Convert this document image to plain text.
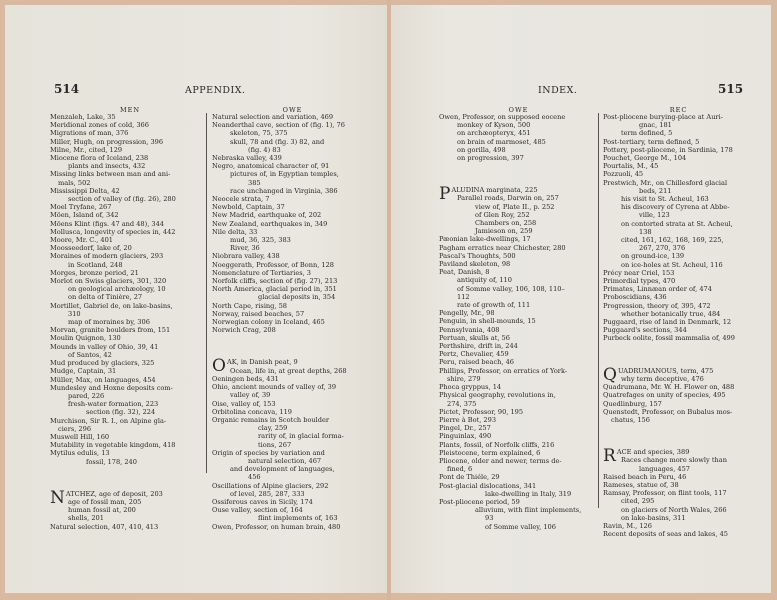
514	APPENDIX.
MEN	OWE
Menzaleh, Lake, 35
Meridional zones of cold, 366
Migrations of man, 376
Miller, Hugh, on progression, 396
Milne, Mr., cited, 129
Miocene flora of Iceland, 238
plants and insects, 432
Missing links between man and ani-
mals, 502
Mississippi Delta, 42
section of valley of (fig. 26), 280
Moel Tryfane, 267
Möen, Island of, 342
Möens Klint (figs. 47 and 48), 344
Mollusca, longevity of species in, 442
Moore, Mr. C., 401
Moosseedorf, lake of, 20
Moraines of modern glaciers, 293
in Scotland, 248
Morges, bronze period, 21
Morlot on Swiss glaciers, 301, 320
on geological archæology, 10
on delta of Tinière, 27
Mortillet, Gabriel de, on lake-basins,
310
map of moraines by, 306
Morvan, granite boulders from, 151
Moulin Quignon, 130
Mounds in valley of Ohio, 39, 41
of Santos, 42
Mud produced by glaciers, 325
Mudge, Captain, 31
Müller, Max, on languages, 454
Mundesley and Hoxne deposits com-
pared, 226
fresh-water formation, 223
section (fig. 32), 224
Murchison, Sir R. I., on Alpine gla-
ciers, 296
Muswell Hill, 160
Mutability in vegetable kingdom, 418
Mytilus edulis, 13
fossil, 178, 240
NATCHEZ, age of deposit, 203
age of fossil man, 205
human fossil at, 200
shells, 201
Natural selection, 407, 410, 413
Natural selection and variation, 469
Neanderthal cave, section of (fig. 1), 76
skeleton, 75, 375
skull, 78 and (fig. 3) 82, and
(fig. 4) 83
Nebraska valley, 439
Negro, anatomical character of, 91
pictures of, in Egyptian temples,
385
race unchanged in Virginia, 386
Neocele strata, 7
Newbold, Captain, 37
New Madrid, earthquake of, 202
New Zealand, earthquakes in, 349
Nile delta, 33
mud, 36, 325, 383
River, 36
Niobrara valley, 438
Noeggerath, Professor, of Bonn, 128
Nomenclature of Tertiaries, 3
Norfolk cliffs, section of (fig. 27), 213
North America, glacial period in, 351
glacial deposits in, 354
North Cape, rising, 58
Norway, raised beaches, 57
Norwegian colony in Iceland, 465
Norwich Crag, 208
OAK, in Danish peat, 9
Ocean, life in, at great depths, 268
Oeningen beds, 431
Ohio, ancient mounds of valley of, 39
valley of, 39
Oise, valley of, 153
Orbitolina concava, 119
Organic remains in Scotch boulder
clay, 259
rarity of, in glacial forma-
tions, 267
Origin of species by variation and
natural selection, 467
and development of languages,
456
Oscillations of Alpine glaciers, 292
of level, 285, 287, 333
Ossiferous caves in Sicily, 174
Ouse valley, section of, 164
flint implements of, 163
Owen, Professor, on human brain, 480
INDEX.	515
OWE	REC
Owen, Professor, on supposed eocene
monkey of Kyson, 500
on archæopteryx, 451
on brain of marmoset, 485
on gorilla, 498
on progression, 397
PALUDINA marginata, 225
Parallel roads, Darwin on, 257
view of, Plate II., p. 252
of Glen Roy, 252
Chambers on, 258
Jamieson on, 259
Pæonian lake-dwellings, 17
Pagham erratics near Chichester, 280
Pascal's Thoughts, 500
Paviland skeleton, 98
Peat, Danish, 8
antiquity of, 110
of Somme valley, 106, 108, 110–
112
rate of growth of, 111
Pengelly, Mr., 98
Penguin, in shell-mounds, 15
Pennsylvania, 408
Pertuan, skulls at, 56
Perthshire, drift in, 244
Pertz, Chevalier, 459
Peru, raised beach, 46
Phillips, Professor, on erratics of York-
shire, 279
Phoca gryppus, 14
Physical geography, revolutions in,
274, 375
Pictet, Professor, 90, 195
Pierre à Bot, 293
Pingel, Dr., 257
Pinguinlax, 490
Plants, fossil, of Norfolk cliffs, 216
Pleistocene, term explained, 6
Pliocene, older and newer, terms de-
fined, 6
Pont de Thiéle, 29
Post-glacial dislocations, 341
lake-dwelling in Italy, 319
Post-pliocene period, 59
alluvium, with flint implements,
93
of Somme valley, 106
Post-pliocene burying-place at Auri-
gnac, 181
term defined, 5
Post-tertiary, term defined, 5
Pottery, post-pliocene, in Sardinia, 178
Pouchet, George M., 104
Pourtalis, M., 45
Pozzuoli, 45
Prestwich, Mr., on Chillesford glacial
beds, 211
his visit to St. Acheul, 163
his discovery of Cyrena at Abbe-
ville, 123
on contorted strata at St. Acheul,
138
cited, 161, 162, 168, 169, 225,
267, 270, 376
on ground-ice, 139
on ice-holes at St. Acheul, 116
Précy near Criel, 153
Primordial types, 470
Primates, Linnæan order of, 474
Proboscidians, 436
Progression, theory of, 395, 472
whether botanically true, 484
Puggaard, rise of land in Denmark, 12
Puggaard's sections, 344
Purbeck oolite, fossil mammalia of, 499
QUADRUMANOUS, term, 475
why term deceptive, 476
Quadrumana, Mr. W. H. Flower on, 488
Quatrefages on unity of species, 495
Quedlinburg, 157
Quenstedt, Professor, on Bubalus mos-
chatus, 156
RACE and species, 389
Races change more slowly than
languages, 457
Raised beach in Peru, 46
Rameses, statue of, 38
Ramsay, Professor, on flint tools, 117
cited, 295
on glaciers of North Wales, 266
on lake-basins, 311
Ravin, M., 126
Recent deposits of seas and lakes, 45
